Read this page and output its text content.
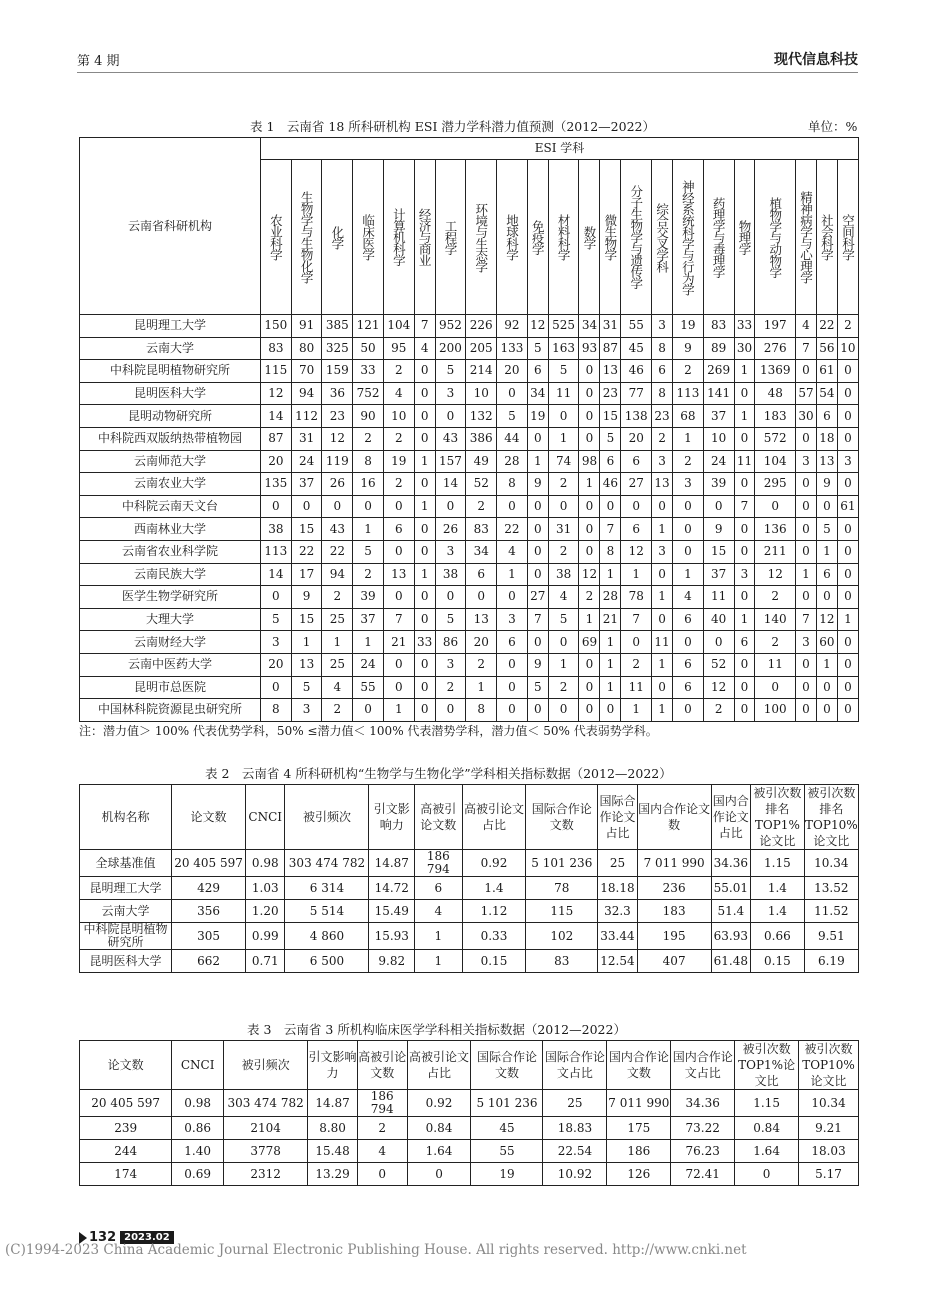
第 4 期	现代信息科技
表 1　云南省 18 所科研机构 ESI 潜力学科潜力值预测（2012—2022）	单位：%
云南省科研机构	ESI 学科																					
	农业科学	生物学与生物化学	化学	临床医学	计算机科学	经济与商业	工程学	环境与生态学	地球科学	免疫学	材料科学	数学	微生物学	分子生物学与遗传学	综合交叉学科	神经系统科学与行为学	药理学与毒理学	物理学	植物学与动物学	精神病学与心理学	社会科学	空间科学
昆明理工大学	150	91	385	121	104	7	952	226	92	12	525	34	31	55	3	19	83	33	197	4	22	2
云南大学	83	80	325	50	95	4	200	205	133	5	163	93	87	45	8	9	89	30	276	7	56	10
中科院昆明植物研究所	115	70	159	33	2	0	5	214	20	6	5	0	13	46	6	2	269	1	1369	0	61	0
昆明医科大学	12	94	36	752	4	0	3	10	0	34	11	0	23	77	8	113	141	0	48	57	54	0
昆明动物研究所	14	112	23	90	10	0	0	132	5	19	0	0	15	138	23	68	37	1	183	30	6	0
中科院西双版纳热带植物园	87	31	12	2	2	0	43	386	44	0	1	0	5	20	2	1	10	0	572	0	18	0
云南师范大学	20	24	119	8	19	1	157	49	28	1	74	98	6	6	3	2	24	11	104	3	13	3
云南农业大学	135	37	26	16	2	0	14	52	8	9	2	1	46	27	13	3	39	0	295	0	9	0
中科院云南天文台	0	0	0	0	0	1	0	2	0	0	0	0	0	0	0	0	0	7	0	0	0	61
西南林业大学	38	15	43	1	6	0	26	83	22	0	31	0	7	6	1	0	9	0	136	0	5	0
云南省农业科学院	113	22	22	5	0	0	3	34	4	0	2	0	8	12	3	0	15	0	211	0	1	0
云南民族大学	14	17	94	2	13	1	38	6	1	0	38	12	1	1	0	1	37	3	12	1	6	0
医学生物学研究所	0	9	2	39	0	0	0	0	0	27	4	2	28	78	1	4	11	0	2	0	0	0
大理大学	5	15	25	37	7	0	5	13	3	7	5	1	21	7	0	6	40	1	140	7	12	1
云南财经大学	3	1	1	1	21	33	86	20	6	0	0	69	1	0	11	0	0	6	2	3	60	0
云南中医药大学	20	13	25	24	0	0	3	2	0	9	1	0	1	2	1	6	52	0	11	0	1	0
昆明市总医院	0	5	4	55	0	0	2	1	0	5	2	0	1	11	0	6	12	0	0	0	0	0
中国林科院资源昆虫研究所	8	3	2	0	1	0	0	8	0	0	0	0	0	1	1	0	2	0	100	0	0	0
注：潜力值＞ 100% 代表优势学科，50% ≤潜力值＜ 100% 代表潜势学科，潜力值＜ 50% 代表弱势学科。
表 2　云南省 4 所科研机构“生物学与生物化学”学科相关指标数据（2012—2022）
机构名称	论文数	CNCI	被引频次	引文影响力	高被引论文数	高被引论文占比	国际合作论文数	国际合作论文占比	国内合作论文数	国内合作论文占比	被引次数排名TOP1%论文比	被引次数排名TOP10%论文比
全球基准值	20 405 597	0.98	303 474 782	14.87	186 794	0.92	5 101 236	25	7 011 990	34.36	1.15	10.34
昆明理工大学	429	1.03	6 314	14.72	6	1.4	78	18.18	236	55.01	1.4	13.52
云南大学	356	1.20	5 514	15.49	4	1.12	115	32.3	183	51.4	1.4	11.52
中科院昆明植物研究所	305	0.99	4 860	15.93	1	0.33	102	33.44	195	63.93	0.66	9.51
昆明医科大学	662	0.71	6 500	9.82	1	0.15	83	12.54	407	61.48	0.15	6.19
表 3　云南省 3 所机构临床医学学科相关指标数据（2012—2022）
论文数	CNCI	被引频次	引文影响力	高被引论文数	高被引论文占比	国际合作论文数	国际合作论文占比	国内合作论文数	国内合作论文占比	被引次数TOP1%论文比	被引次数TOP10%论文比
20 405 597	0.98	303 474 782	14.87	186 794	0.92	5 101 236	25	7 011 990	34.36	1.15	10.34
239	0.86	2104	8.80	2	0.84	45	18.83	175	73.22	0.84	9.21
244	1.40	3778	15.48	4	1.64	55	22.54	186	76.23	1.64	18.03
174	0.69	2312	13.29	0	0	19	10.92	126	72.41	0	5.17
132 2023.02
(C)1994-2023 China Academic Journal Electronic Publishing House. All rights reserved. http://www.cnki.net
